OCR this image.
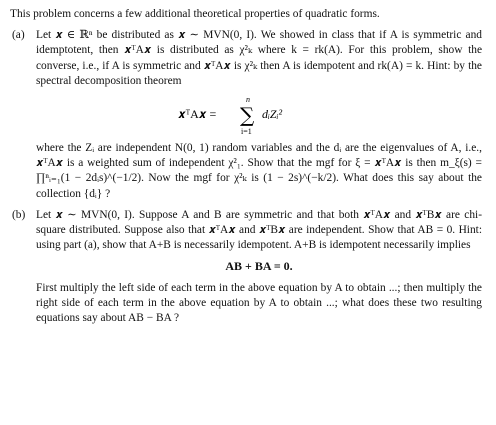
This problem concerns a few additional theoretical properties of quadratic forms.

(a) Let 𝒙 ∈ ℝⁿ be distributed as 𝒙 ∼ MVN(0, I). We showed in class that if A is symmetric and idemptotent, then 𝒙ᵀA𝒙 is distributed as χ²ₖ where k = rk(A). For this problem, show the converse, i.e., if A is symmetric and 𝒙ᵀA𝒙 is χ²ₖ then A is idempotent and rk(A) = k. Hint: by the spectral decomposition theorem

𝒙ᵀA𝒙 =
n
∑
i=1
dᵢZᵢ²

where the Zᵢ are independent N(0, 1) random variables and the dᵢ are the eigenvalues of A, i.e., 𝒙ᵀA𝒙 is a weighted sum of independent χ²₁. Show that the mgf for ξ = 𝒙ᵀA𝒙 is then m_ξ(s) = ∏ⁿᵢ₌₁(1 − 2dᵢs)^(−1/2). Now the mgf for χ²ₖ is (1 − 2s)^(−k/2). What does this say about the collection {dᵢ} ?

(b) Let 𝒙 ∼ MVN(0, I). Suppose A and B are symmetric and that both 𝒙ᵀA𝒙 and 𝒙ᵀB𝒙 are chi-square distributed. Suppose also that 𝒙ᵀA𝒙 and 𝒙ᵀB𝒙 are independent. Show that AB = 0. Hint: using part (a), show that A+B is necessarily idempotent. A+B is idempotent necessarily implies

AB + BA = 0.

First multiply the left side of each term in the above equation by A to obtain ...; then multiply the right side of each term in the above equation by A to obtain ...; what does these two resulting equations say about AB − BA ?
